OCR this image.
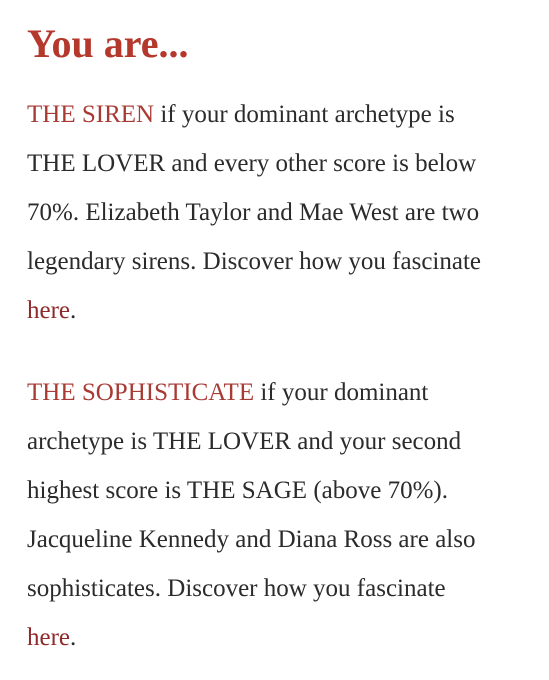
You are...

THE SIREN if your dominant archetype is
THE LOVER and every other score is below
70%. Elizabeth Taylor and Mae West are two
legendary sirens. Discover how you fascinate
here.

THE SOPHISTICATE if your dominant
archetype is THE LOVER and your second
highest score is THE SAGE (above 70%).
Jacqueline Kennedy and Diana Ross are also
sophisticates. Discover how you fascinate
here.
